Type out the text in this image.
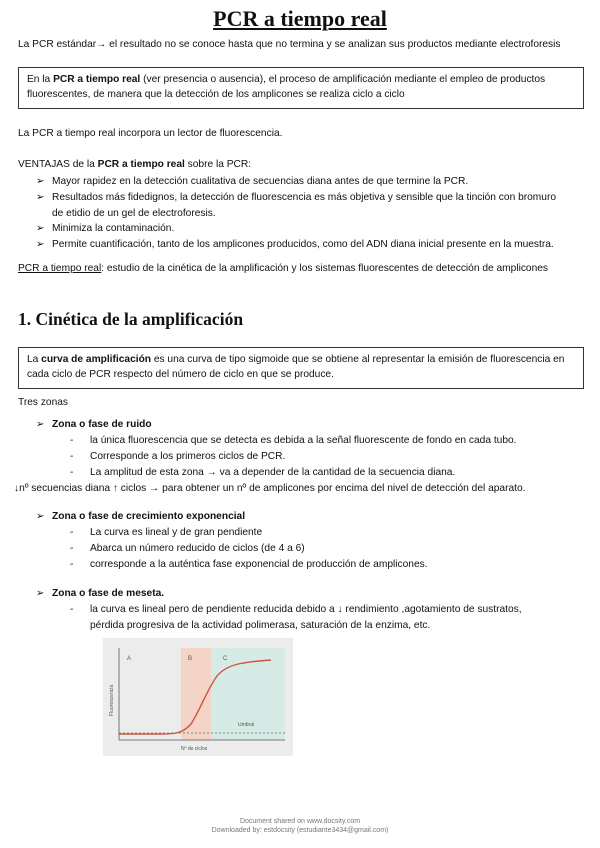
PCR a tiempo real
La PCR estándar→ el resultado no se conoce hasta que no termina y se analizan sus productos mediante electroforesis
En la PCR a tiempo real (ver presencia o ausencia), el proceso de amplificación mediante el empleo de productos
fluorescentes, de manera que la detección de los amplicones se realiza ciclo a ciclo
La PCR a tiempo real incorpora un lector de fluorescencia.
VENTAJAS de la PCR a tiempo real sobre la PCR:
➢ Mayor rapidez en la detección cualitativa de secuencias diana antes de que termine la PCR.
➢ Resultados más fidedignos, la detección de fluorescencia es más objetiva y sensible que la tinción con bromuro
de etidio de un gel de electroforesis.
➢ Minimiza la contaminación.
➢ Permite cuantificación, tanto de los amplicones producidos, como del ADN diana inicial presente en la muestra.
PCR a tiempo real: estudio de la cinética de la amplificación y los sistemas fluorescentes de detección de amplicones
1. Cinética de la amplificación
La curva de amplificación es una curva de tipo sigmoide que se obtiene al representar la emisión de fluorescencia en
cada ciclo de PCR respecto del número de ciclo en que se produce.
Tres zonas
➢ Zona o fase de ruido
- la única fluorescencia que se detecta es debida a la señal fluorescente de fondo en cada tubo.
- Corresponde a los primeros ciclos de PCR.
- La amplitud de esta zona → va a depender de la cantidad de la secuencia diana.
↓nº secuencias diana ↑ ciclos → para obtener un nº de amplicones por encima del nivel de detección del aparato.
➢ Zona o fase de crecimiento exponencial
- La curva es lineal y de gran pendiente
- Abarca un número reducido de ciclos (de 4 a 6)
- corresponde a la auténtica fase exponencial de producción de amplicones.
➢ Zona o fase de meseta.
- la curva es lineal pero de pendiente reducida debido a ↓ rendimiento ,agotamiento de sustratos,
pérdida progresiva de la actividad polimerasa, saturación de la enzima, etc.
A	B	C
Fluorescencia
Nº de ciclos
Umbral
Document shared on www.docsity.com
Downloaded by: estdocsity (estudiante3434@gmail.com)
